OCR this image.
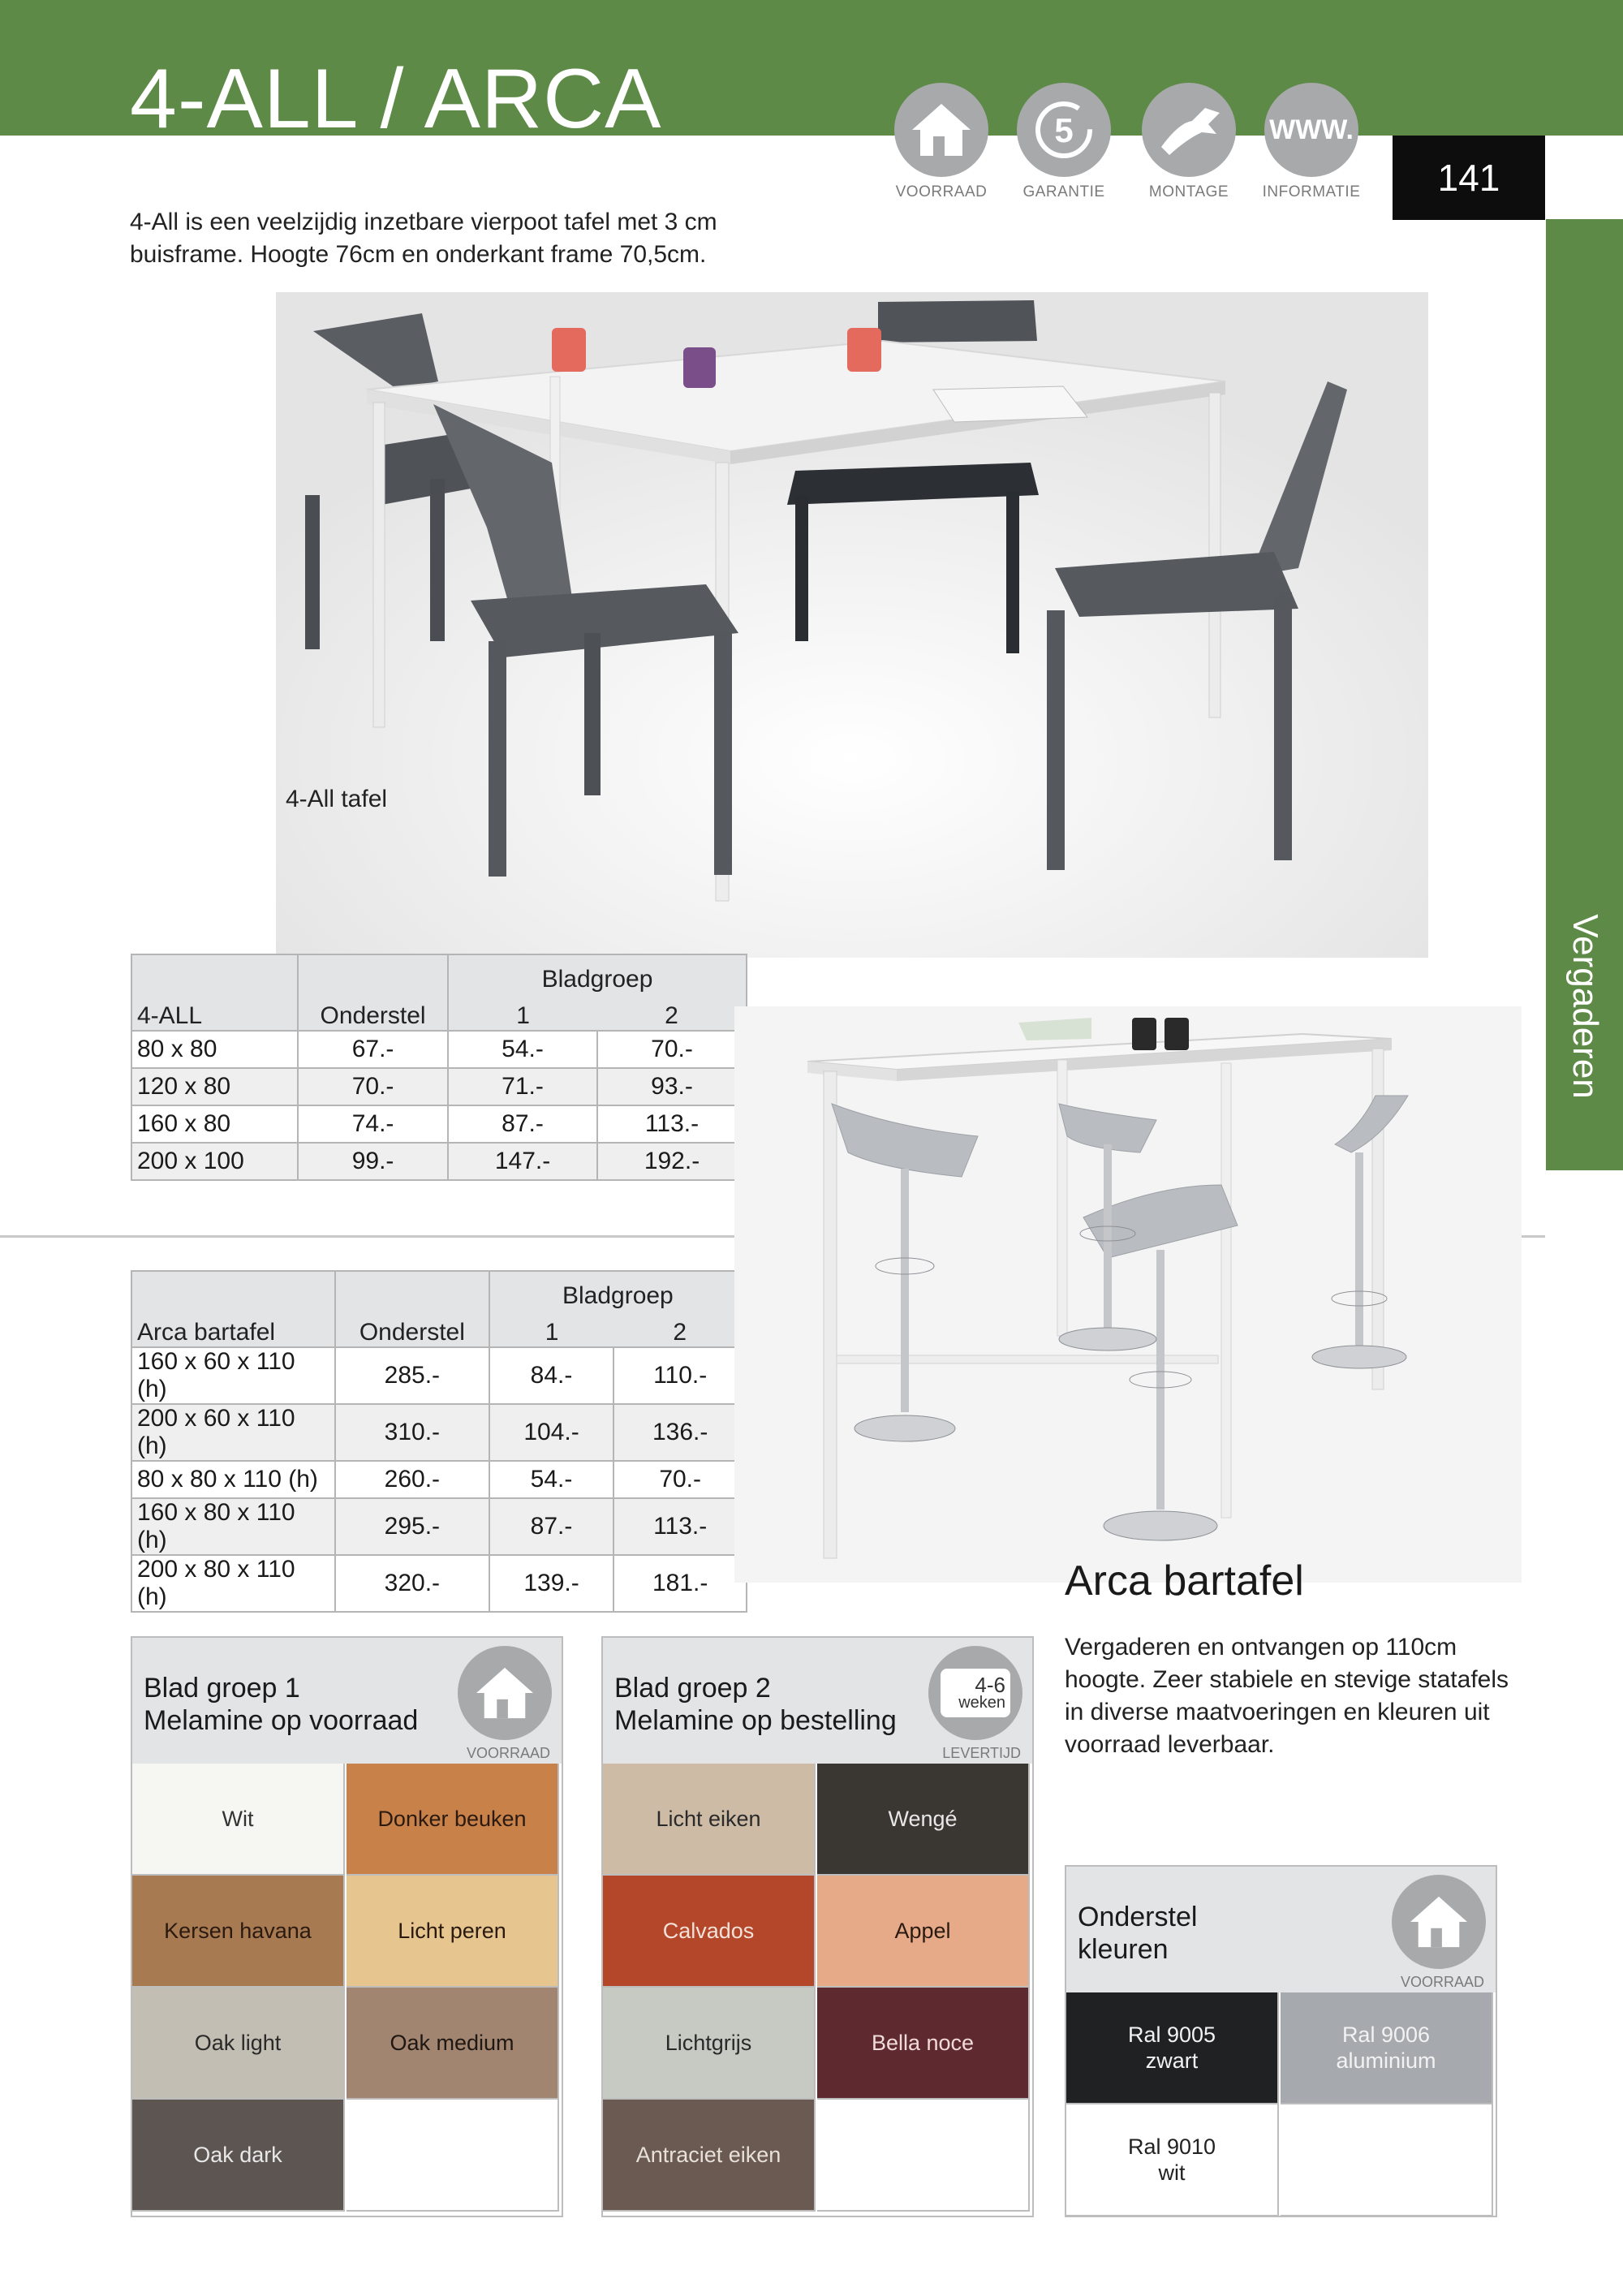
4-ALL / ARCA
VOORRAAD
5
GARANTIE	MONTAGE
WWW.
INFORMATIE	141
Vergaderen
4-All is een veelzijdig inzetbare vierpoot tafel met 3 cm buisframe. Hoogte 76cm en onderkant frame 70,5cm.
4-All tafel
4-ALL	Onderstel	Bladgroep	
		1	2
80 x 80	67.-	54.-	70.-
120 x 80	70.-	71.-	93.-
160 x 80	74.-	87.-	113.-
200 x 100	99.-	147.-	192.-
Arca bartafel	Onderstel	Bladgroep	
		1	2
160 x 60 x 110 (h)	285.-	84.-	110.-
200 x 60 x 110 (h)	310.-	104.-	136.-
80 x 80 x 110 (h)	260.-	54.-	70.-
160 x 80 x 110 (h)	295.-	87.-	113.-
200 x 80 x 110 (h)	320.-	139.-	181.-	Arca bartafel
Vergaderen en ontvangen op 110cm hoogte. Zeer stabiele en stevige statafels in diverse maatvoeringen en kleuren uit voorraad leverbaar.
Blad groep 1
Melamine op voorraad
VOORRAAD
Wit	Donker beuken
Kersen havana	Licht peren
Oak light	Oak medium
Oak dark
Blad groep 2
Melamine op bestelling
4-6
weken
LEVERTIJD
Licht eiken	Wengé
Calvados	Appel
Lichtgrijs	Bella noce
Antraciet eiken
Onderstel
kleuren
VOORRAAD
Ral 9005
zwart
Ral 9006
aluminium
Ral 9010
wit
